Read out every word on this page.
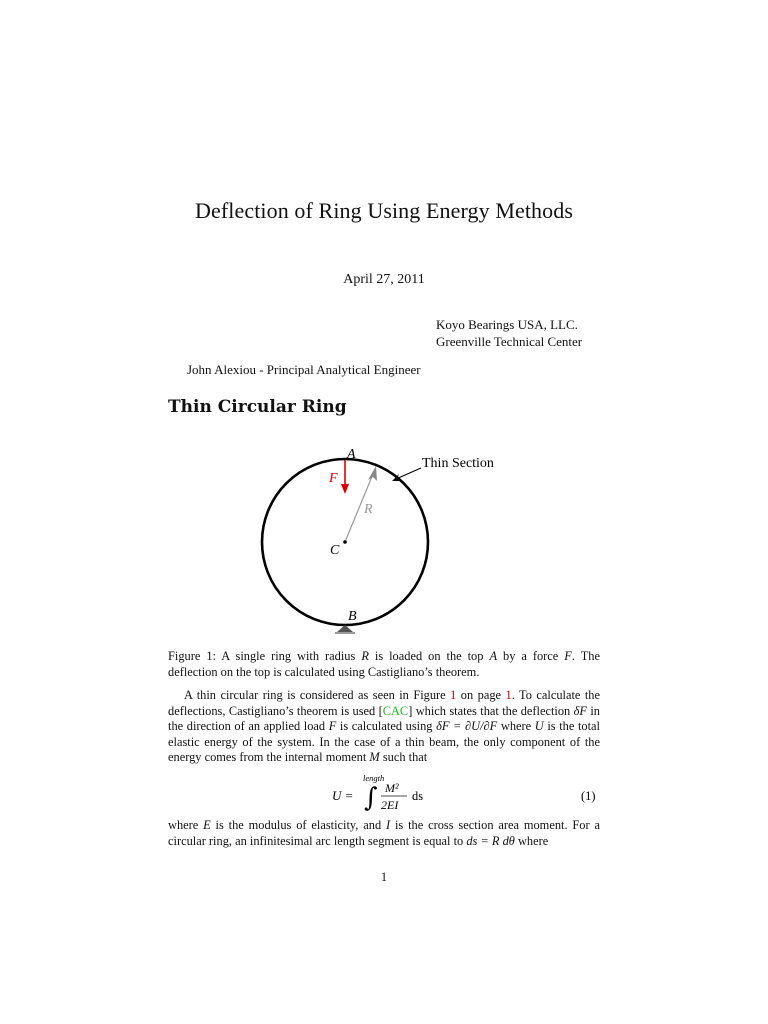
Deflection of Ring Using Energy Methods
April 27, 2011
Koyo Bearings USA, LLC.
Greenville Technical Center
John Alexiou - Principal Analytical Engineer
Thin Circular Ring
A
F
R
C
B
Thin Section
Figure 1: A single ring with radius R is loaded on the top A by a force F. The deflection on the top is calculated using Castigliano’s theorem.
A thin circular ring is considered as seen in Figure 1 on page 1. To calculate the deflections, Castigliano’s theorem is used [CAC] which states that the deflection δF in the direction of an applied load F is calculated using δF = ∂U/∂F where U is the total elastic energy of the system. In the case of a thin beam, the only component of the energy comes from the internal moment M such that
length
U = ∫ M²
2EI
ds	(1)
where E is the modulus of elasticity, and I is the cross section area moment. For a circular ring, an infinitesimal arc length segment is equal to ds = R dθ where
1
